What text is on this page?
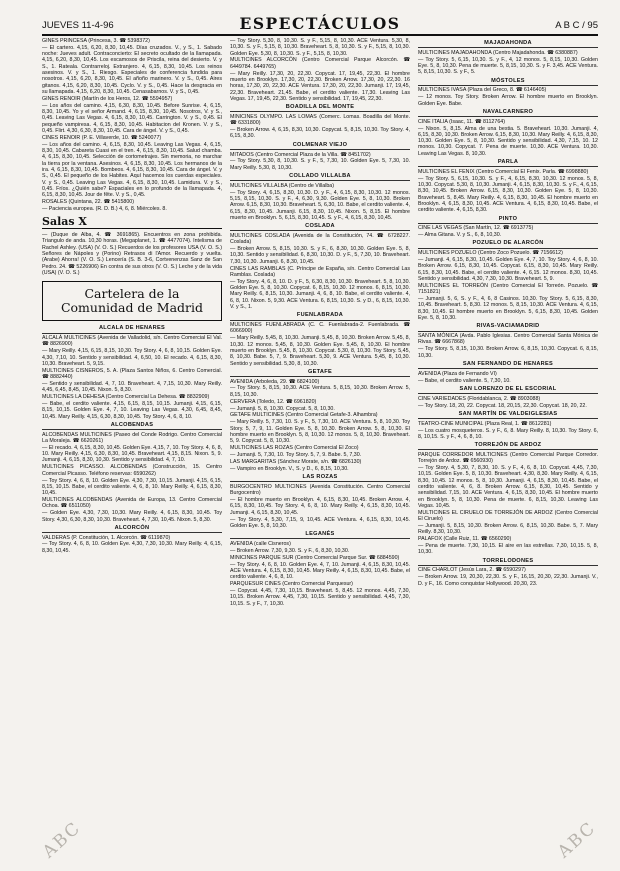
JUEVES 11-4-96	ESPECTÁCULOS	A B C / 95

GINES PRINCESA (Princesa, 3. ☎ 5398372)

— El cartero. 4,15, 6,20, 8,30, 10,45. Días cruzados. V., y S., 1. Sabado noche: Jueves adult. Contraconcierto: El secreto ocultado de la llamapada. 4,15, 6,20, 8,30, 10,45. Los escamosos de Priscila, reina del desierto. V. y S., 1. Rateala. Contrarreloj. Extranjero. 4, 6,15, 8,30, 10,45. Los reinos asesinos. V. y S., 1. Riesgo. Especiales de conferencia fundida para nosotros. 4,15, 6,20, 8,30, 10,45. El añoño marinero. V. y S., 0,45. Aires gitanos. 4,15, 6,20, 8,30, 10,45. Cyclo. V. y S., 0,45. Hace la desgracia en su llamapada. 4,15, 6,20, 8,30, 10,45. Cenasabarnos. V. y S., 0,45.

GINES RENOIR (Martín de los Heros, 12. ☎ 5594957)

— Los años del camino. 4,15, 6,30, 8,30, 10,45. Before Sunrise. 4, 6,15, 8,30, 10,45. Yo y el señor Armand. 4, 6,15, 8,30, 10,45. Nosotros, V. y S., 0,45. Leaving Las Vegas. 4, 6,15, 8,30, 10,45. Carrington. V. y S., 0,45. El pequeño vampiresa. 4, 6,15, 8,30, 10,45. Habitacion del Kronen. V. y S., 0,45. Flirt. 4,30, 6,30, 8,30, 10,45. Cara de ángel. V. y S., 0,45.

CINES RENOIR (P. E. Villaverde, 10. ☎ 5240077)

— Los años del camino. 4, 6,15, 8,30, 10,45. Leaving Las Vegas. 4, 6,15, 8,30, 10,45. Cabareta Cuasi en el tren. 4, 6,15, 8,30, 10,45. Salud chamba. 4, 6,15, 8,30, 10,45. Selección de cortometrajes. Sin memoria, no marchar la tierra por la ventana. Asesinos. 4, 6,15, 8,30, 10,45. Los hermanos de la ira. 4, 6,15, 8,30, 10,45. Bombeos. 4, 6,15, 8,30, 10,45. Cara de ángel. V. y S., 0,45. El pequeño de los Habites. Aquí hacemos los cuerdas especiales. V. y S., 0,45. Leaving Las Vegas. 4, 6,15, 8,30, 10,45. Lamidura. V. y S., 0,45. Fríos. ¿Quién sabe? Espaciales en lo profundo de la llamapada. 4, 6,15, 8,30, 10,45. Jour de fête. V. y S., 0,45.

ROSALES (Quintana, 22. ☎ 5415800)

— Paciencia europea. (R. D. B.) 4, 6, 8. Miércoles. 8.

Salas X

— (Duque de Alba, 4. ☎ 3691865). Encuentros en zona prohibida. Triangulo de anda. 10,30 horas. (Megaplanet, 1. ☎ 4477074). Intelisma de Rachel Ashley. (USA) (V. O. S.) Recuerdos de los profesores USA (V. O. S.) Señores de Nápoles y (Porino) Retrasos di l'Amor. Recuerdo y vuelta. (Arabe) Ahorra! (V. O. S.) Lencería (S. B. 3-6, Cortvenenzas Sanz de San Pedro. 24. ☎ 5226906) En contra de sus otros (V. O. S.) Leche y de la vida (USA) (V. O. S.)

Cartelera de la
Comunidad de Madrid
ALCALA DE HENARES

ALCALÁ MULTICINES (Avenida de Valladolid, s/n. Centro Comercial El Val. ☎ 8826900)

— Mary Reilly. 4,15, 6,15, 8,15, 10,30. Toy Story. 4, 6, 8, 10,15. Golden Eye. 4,30, 7,10, 10. Sentido y sensibilidad. 4, 6,50, 10. El recado. 4, 6,15, 8,30, 10,30. Braveheart. 5, 9,15.

MULTICINES CISNEROS, 5. A. (Plaza Santos Niños, 6. Centro Comercial. ☎ 8882440)

— Sentido y sensibilidad. 4, 7, 10. Braveheart. 4, 7,15, 10,30. Mary Reilly. 4,45, 6,45, 8,45, 10,45. Nixon. 5, 8,30.

MULTICINES LA DEHESA (Centro Comercial La Dehesa. ☎ 8832909)

— Babe, el cerdito valiente. 4,15, 6,15, 8,15, 10,15. Jumanji. 4,15, 6,15, 8,15, 10,15. Golden Eye. 4, 7, 10. Leaving Las Vegas. 4,30, 6,45, 8,45, 10,45. Mary Reilly. 4,15, 6,30, 8,30, 10,45. Toy Story. 4, 6, 8, 10.

ALCOBENDAS

ALCOBENDAS MULTICINES (Paseo del Conde Rodrigo. Centro Comercial La Moraleja. ☎ 6620261)

— El recado. 4, 6,15, 8,30, 10,45. Golden Eye. 4,15, 7, 10. Toy Story. 4, 6, 8, 10. Mary Reilly. 4,15, 6,30, 8,30, 10,45. Braveheart. 4,15, 8,15. Nixon. 5, 9. Jumanji. 4, 6,15, 8,30, 10,30. Sentido y sensibilidad. 4, 7, 10.

MULTICINES PICASSO. ALCOBENDAS (Construcción, 15. Centro Comercial Picasso. Teléfono reservas: 6590262)

— Toy Story. 4, 6, 8, 10. Golden Eye. 4,30, 7,30, 10,15. Jumanji. 4,15, 6,15, 8,15, 10,15. Babe, el cerdito valiente. 4, 6, 8, 10. Mary Reilly. 4, 6,15, 8,30, 10,45.

MULTICINES ALCOBENDAS (Avenida de Europa, 13. Centro Comercial Ochoa. ☎ 6511050)

— Golden Eye. 4,30, 7,30, 10,30. Mary Reilly. 4, 6,15, 8,30, 10,45. Toy Story. 4,30, 6,30, 8,30, 10,30. Braveheart. 4, 7,30, 10,45. Nixon. 5, 8,30.

ALCORCÓN

VALDERAS (P. Constitución, 1. Alcorcón. ☎ 6119870)

— Toy Story. 4, 6, 8, 10. Golden Eye. 4,30, 7,30, 10,30. Mary Reilly. 4, 6,15, 8,30, 10,45.

— Toy Story. 5,30, 8, 10,30. S. y F., 5,15, 8, 10,30. ACE Ventura. 5,30, 8, 10,30. S. y F., 5,15, 8, 10,30. Braveheart. 5, 8, 10,30. S. y F., 5,15, 8, 10,30. Golden Eye. 5,30, 8, 10,30. S. y F., 5,15, 8, 10,30.

MULTICINES ALCORCÓN (Centro Comercial Parque Alcorcón. ☎ 6449784. 6449765)

— Mary Reilly. 17,30, 20, 22,30. Copycat. 17, 19,45, 22,30. El hombre muerto en Brooklyn. 17,30, 20, 22,30. Broken Arrow. 17,30, 20, 22,30. 16 horas, 17,30, 20, 22,30. ACE Ventura. 17,30, 20, 22,30. Jumanji. 17, 19,45, 22,30. Braveheart. 21,45. Babe, el cerdito valiente. 17,30. Leaving Las Vegas. 17, 19,45, 22,30. Sentido y sensibilidad. 17, 19,45, 22,30.

BOADILLA DEL MONTE

MINICINES OLYMPO. LAS LOMAS (Comerc. Lomas. Boadilla del Monte. ☎ 6331800)

— Broken Arrow. 4, 6,15, 8,30, 10,30. Copycat. 5, 8,15, 10,30. Toy Story. 4, 6,15, 8,30.

COLMENAR VIEJO

MITADOS (Centro Comercial Plaza de la Villa. ☎ 8451702)

— Toy Story. 5,30, 8, 10,30. S. y F., 5, 7,30, 10. Golden Eye. 5, 7,30, 10. Mary Reilly. 5,30, 8, 10,30.

COLLADO VILLALBA

MULTICINES VILLALBA (Centro de Villalba)

— Toy Story. 4, 6,15, 8,30, 10,30. D. y F., 4, 6,15, 8,30, 10,30. 12 monos. 5,15, 8,15, 10,30. S. y F., 4, 6,30, 9,30. Golden Eye. 5, 8, 10,30. Broken Arrow. 6,15, 8,30, 10,30. Braveheart. 5, 6,30, 10. Babe, el cerdito valiente. 4, 6,15, 8,30, 10,45. Jumanji. 6,15, 8,30, 10,45. Nixon. 5, 8,15. El hombre muerto en Brooklyn. 5, 6,15, 8,30, 10,45. S. y F., 4, 6,15, 8,30, 10,45.

COSLADA

MULTICINES COSLADA (Avenida de la Constitución, 74. ☎ 6728227. Coslada)

— Broken Arrow. 5, 8,15, 10,30. S. y F., 6, 8,30, 10,30. Golden Eye. 5, 8, 10,30. Sentido y sensibilidad. 6, 8,30, 10,30. D. y F., 5, 7,30, 10. Braveheart. 7,30, 10,30. Jumanji. 6, 8,30, 10,45.

CINES LAS RAMBLAS (C. Príncipe de España, s/n. Centro Comercial Las Ramblas. Coslada)

— Toy Story. 4, 6, 8, 10. D. y F., 5, 6,30, 8,30, 10,30. Braveheart. 5, 8, 10,30. Golden Eye. 5, 8, 10,30. Copycat. 6, 8,15, 10,30. 12 monos. 6, 8,15, 10,30. Mary Reilly. 6, 8,15, 10,30. Jumanji. 4, 6, 8, 10. Babe, el cerdito valiente. 4, 6, 8, 10. Nixon. 5, 9,30. ACE Ventura. 6, 8,15, 10,30. S. y D., 6, 8,15, 10,30. V. y S., 1.

FUENLABRADA

MULTICINES FUENLABRADA (C. C. Fuenlabrada-2. Fuenlabrada. ☎ 6066900)

— Mary Reilly. 5,45, 8, 10,30. Jumanji. 5,45, 8, 10,30. Broken Arrow. 5,45, 8, 10,30. 12 monos. 5,45, 8, 10,30. Golden Eye. 5,45, 8, 10,30. El hombre muerto en Brooklyn. 5,45, 8, 10,30. Copycat. 5,30, 8, 10,30. Toy Story. 5,45, 8, 10,30. Babe. 5, 7, 9. Braveheart. 5,30, 9. ACE Ventura. 5,45, 8, 10,30. Sentido y sensibilidad. 5,30, 8, 10,30.

GETAFE

AVENIDA (Arboleda, 29. ☎ 6824100)

— Toy Story. 5, 8,15, 10,30. ACE Ventura. 5, 8,15, 10,30. Broken Arrow. 5, 8,15, 10,30.

CERVERA (Toledo, 12. ☎ 6961820)

— Jumanji. 5, 8, 10,30. Copycat. 5, 8, 10,30.

GETAFE MULTICINES (Centro Comercial Getafe-3. Alhambra)

— Mary Reilly. 5, 7,30, 10. S. y F., 5, 7,30, 10. ACE Ventura. 5, 8, 10,30. Toy Story. 5, 7, 9, 11. Golden Eye. 5, 8, 10,30. Broken Arrow. 5, 8, 10,30. El hombre muerto en Brooklyn. 5, 8, 10,30. 12 monos. 5, 8, 10,30. Braveheart. 5, 9. Copycat. 5, 8, 10,30.

MULTICINES LAS ROZAS (Centro Comercial El Zoco)

— Jumanji. 5, 7,30, 10. Toy Story. 5, 7, 9. Babe. 5, 7,30.

LAS MARGARITAS (Sánchez Morate, s/n. ☎ 6826130)

— Vampiro en Brooklyn. V., S. y D., 6, 8,15, 10,30.

LAS ROZAS

BURGOCENTRO MULTICINES (Avenida Constitución. Centro Comercial Burgocentro)

— El hombre muerto en Brooklyn. 4, 6,15, 8,30, 10,45. Broken Arrow. 4, 6,15, 8,30, 10,45. Toy Story. 4, 6, 8, 10. Mary Reilly. 4, 6,15, 8,30, 10,45. Jumanji. 4, 6,15, 8,30, 10,45.

— Toy Story. 4, 5,30, 7,15, 9, 10,45. ACE Ventura. 4, 6,15, 8,30, 10,45. Golden Eye. 5, 8, 10,30.

LEGANÉS

AVENIDA (calle Cisneros)

— Broken Arrow. 7,30, 9,30. S. y F., 6, 8,30, 10,30.

MINICINES PARQUE SUR (Centro Comercial Parque Sur. ☎ 6884590)

— Toy Story. 4, 6, 8, 10. Golden Eye. 4, 7, 10. Jumanji. 4, 6,15, 8,30, 10,45. ACE Ventura. 4, 6,15, 8,30, 10,45. Mary Reilly. 4, 6,15, 8,30, 10,45. Babe, el cerdito valiente. 4, 6, 8, 10.

PARQUESUR CINES (Centro Comercial Parquesur)

— Copycat. 4,45, 7,30, 10,15. Braveheart. 5, 8,45. 12 monos. 4,45, 7,30, 10,15. Broken Arrow. 4,45, 7,30, 10,15. Sentido y sensibilidad. 4,45, 7,30, 10,15. S. y F., 7, 10,30.

MAJADAHONDA

MULTICINES MAJADAHONDA (Centro Majadahonda. ☎ 6380887)

— Toy Story. 5, 6,15, 10,30. S. y F., 4, 12 monos. 5, 8,15, 10,30. Golden Eye. 5, 8, 10,30. Pena de muerte. 5, 8,15, 10,30. S. y F. 3,45. ACE Ventura. 5, 8,15, 10,30. S. y F., 5.

MÓSTOLES

MULTICINES IVASA (Plaza del Greco, 8. ☎ 6146405)

— 12 monos. Toy Story. Broken Arrow. El hombre muerto en Brooklyn. Golden Eye. Babe.

NAVALCARNERO

CINE ITALIA (Isaac, 11. ☎ 8112764)

— Nixon. 5, 8,15. Alma de una bestia. 5. Braveheart. 10,30. Jumanji. 4, 6,15, 8,30, 10,30. Broken Arrow. 6,15, 8,30, 10,30. Mary Reilly. 4, 6,15, 8,30, 10,30. Golden Eye. 5, 8, 10,30. Sentido y sensibilidad. 4,30, 7,15, 10. 12 monos. 10,30. Copycat. 7. Pena de muerte. 10,30. ACE Ventura. 10,30. Leaving Las Vegas. 8, 10,30.

PARLA

MULTICINES EL FENIX (Centro Comercial El Fenix. Parla. ☎ 6998880)

— Toy Story. 5, 6,15, 10,30. S. y F., 4, 6,15, 8,30, 10,30. 12 monos. 5, 8, 10,30. Copycat. 5,30, 8, 10,30. Jumanji. 4, 6,15, 8,30, 10,30. S. y F., 4, 6,15, 8,30, 10,45. Broken Arrow. 6,15, 8,30, 10,30. Golden Eye. 5, 8, 10,30. Braveheart. 5, 8,45. Mary Reilly. 4, 6,15, 8,30, 10,45. El hombre muerto en Brooklyn. 4, 6,15, 8,30, 10,45. ACE Ventura. 4, 6,15, 8,30, 10,45. Babe, el cerdito valiente. 4, 6,15, 8,30.

PINTO

CINE LAS VEGAS (San Martín, 12. ☎ 6913775)

— Alma Gitana. V. y S., 6, 8, 10,30.

POZUELO DE ALARCÓN

MULTICINES POZUELO (Centro Zoco Pozuelo. ☎ 7156612)

— Jumanji. 4, 6,15, 8,30, 10,45. Golden Eye. 4, 7, 10. Toy Story. 4, 6, 8, 10. Broken Arrow. 6,15, 8,30, 10,45. Copycat. 6,15, 8,30, 10,45. Mary Reilly. 6,15, 8,30, 10,45. Babe, el cerdito valiente. 4, 6,15. 12 monos. 8,30, 10,45. Sentido y sensibilidad. 4,30, 7,30, 10,30. Braveheart. 5, 9.

MULTICINES EL TORREÓN (Centro Comercial El Torreón. Pozuelo. ☎ 7151821)

— Jumanji. 5, 6, S. y F., 4, 6, 8 Casinos. 10,30. Toy Story. 5, 6,15, 8,30, 10,45. Braveheart. 5, 8,30. 12 monos. 5, 8,15, 10,30. ACE Ventura. 4, 6,15, 8,30, 10,45. El hombre muerto en Brooklyn. 5, 6,15, 8,30, 10,45. Golden Eye. 5, 8, 10,30.

RIVAS-VACIAMADRID

SANTA MÓNICA (Avda. Pablo Iglesias. Centro Comercial Santa Mónica de Rivas. ☎ 6667868)

— Toy Story. 5, 8,15, 10,30. Broken Arrow. 6, 8,15, 10,30. Copycat. 6, 8,15, 10,30.

SAN FERNANDO DE HENARES

AVENIDA (Plaza de Fernando VI)

— Babe, el cerdito valiente. 5, 7,30, 10.

SAN LORENZO DE EL ESCORIAL

CINE VARIEDADES (Floridablanca, 2. ☎ 8903088)

— Toy Story. 18, 20, 22. Copycat. 18, 20,15, 22,30. Copycat. 18, 20, 22.

SAN MARTÍN DE VALDEIGLESIAS

TEATRO-CINE MUNICIPAL (Plaza Real, 1. ☎ 8612281)

— Los cuatro mosqueteros. S. y F., 6, 8. Mary Reilly. 8, 10,30. Toy Story. 6, 8, 10,15. S. y F., 4, 6, 8, 10.

TORREJÓN DE ARDOZ

PARQUE CORREDOR MULTICINES (Centro Comercial Parque Corredor. Torrejón de Ardoz. ☎ 6560930)

— Toy Story. 4, 5,30, 7, 8,30, 10. S. y F., 4, 6, 8, 10. Copycat. 4,45, 7,30, 10,15. Golden Eye. 5, 8, 10,30. Braveheart. 4,30, 8,30. Mary Reilly. 4, 6,15, 8,30, 10,45. 12 monos. 5, 8, 10,30. Jumanji. 4, 6,15, 8,30, 10,45. Babe, el cerdito valiente. 4, 6, 8. Broken Arrow. 6,15, 8,30, 10,45. Sentido y sensibilidad. 7,15, 10. ACE Ventura. 4, 6,15, 8,30, 10,45. El hombre muerto en Brooklyn. 5, 8, 10,30. Pena de muerte. 6, 8,15, 10,30. Leaving Las Vegas. 10,45.

MULTICINES EL CIRUELO DE TORREJÓN DE ARDOZ (Centro Comercial El Ciruelo)

— Jumanji. 5, 8,15, 10,30. Broken Arrow. 6, 8,15, 10,30. Babe. 5, 7. Mary Reilly. 8,30, 10,30.

PALAFOX (Calle Ruiz, 11. ☎ 6560290)

— Pena de muerte. 7,30, 10,15. El aire en las estrellas. 7,30, 10,15. 5, 8, 10,30.

TORRELODONES

CINE CHARLOT (Jesús Lara, 2. ☎ 6590297)

— Broken Arrow. 19, 20,30, 22,30. S. y F., 16,15, 20,30, 22,30. Jumanji. V., D. y F., 16. Como conquistar Hollywood. 20,30, 23.

ABC	ABC
